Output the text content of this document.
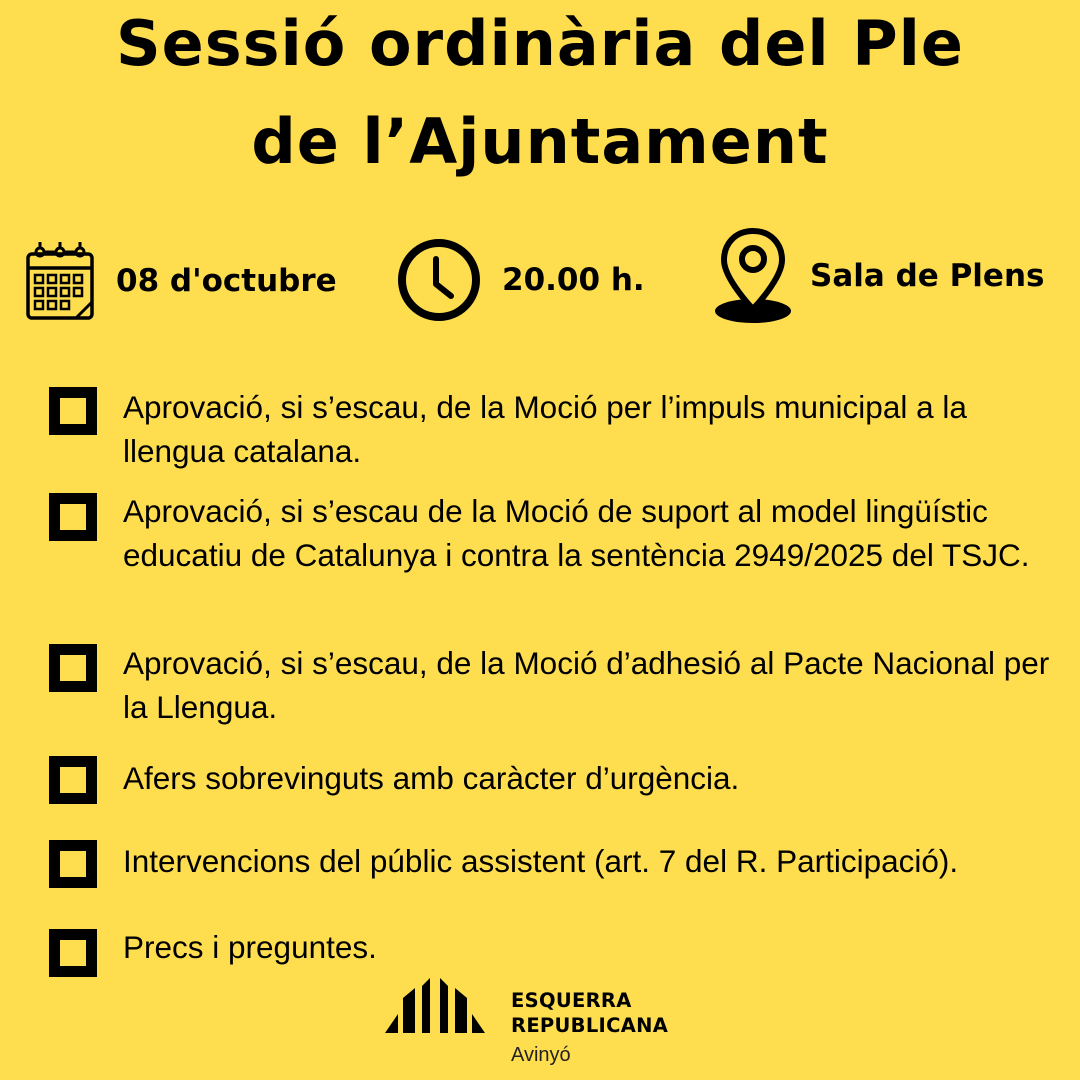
Sessió ordinària del Ple
de l’Ajuntament
08 d'octubre	20.00 h.	Sala de Plens
Aprovació, si s’escau, de la Moció per l’impuls municipal a la llengua catalana.
Aprovació, si s’escau de la Moció de suport al model lingüístic educatiu de Catalunya i contra la sentència 2949/2025 del TSJC.
Aprovació, si s’escau, de la Moció d’adhesió al Pacte Nacional per la Llengua.
Afers sobrevinguts amb caràcter d’urgència.
Intervencions del públic assistent (art. 7 del R. Participació).
Precs i preguntes.
ESQUERRA
REPUBLICANA
Avinyó
